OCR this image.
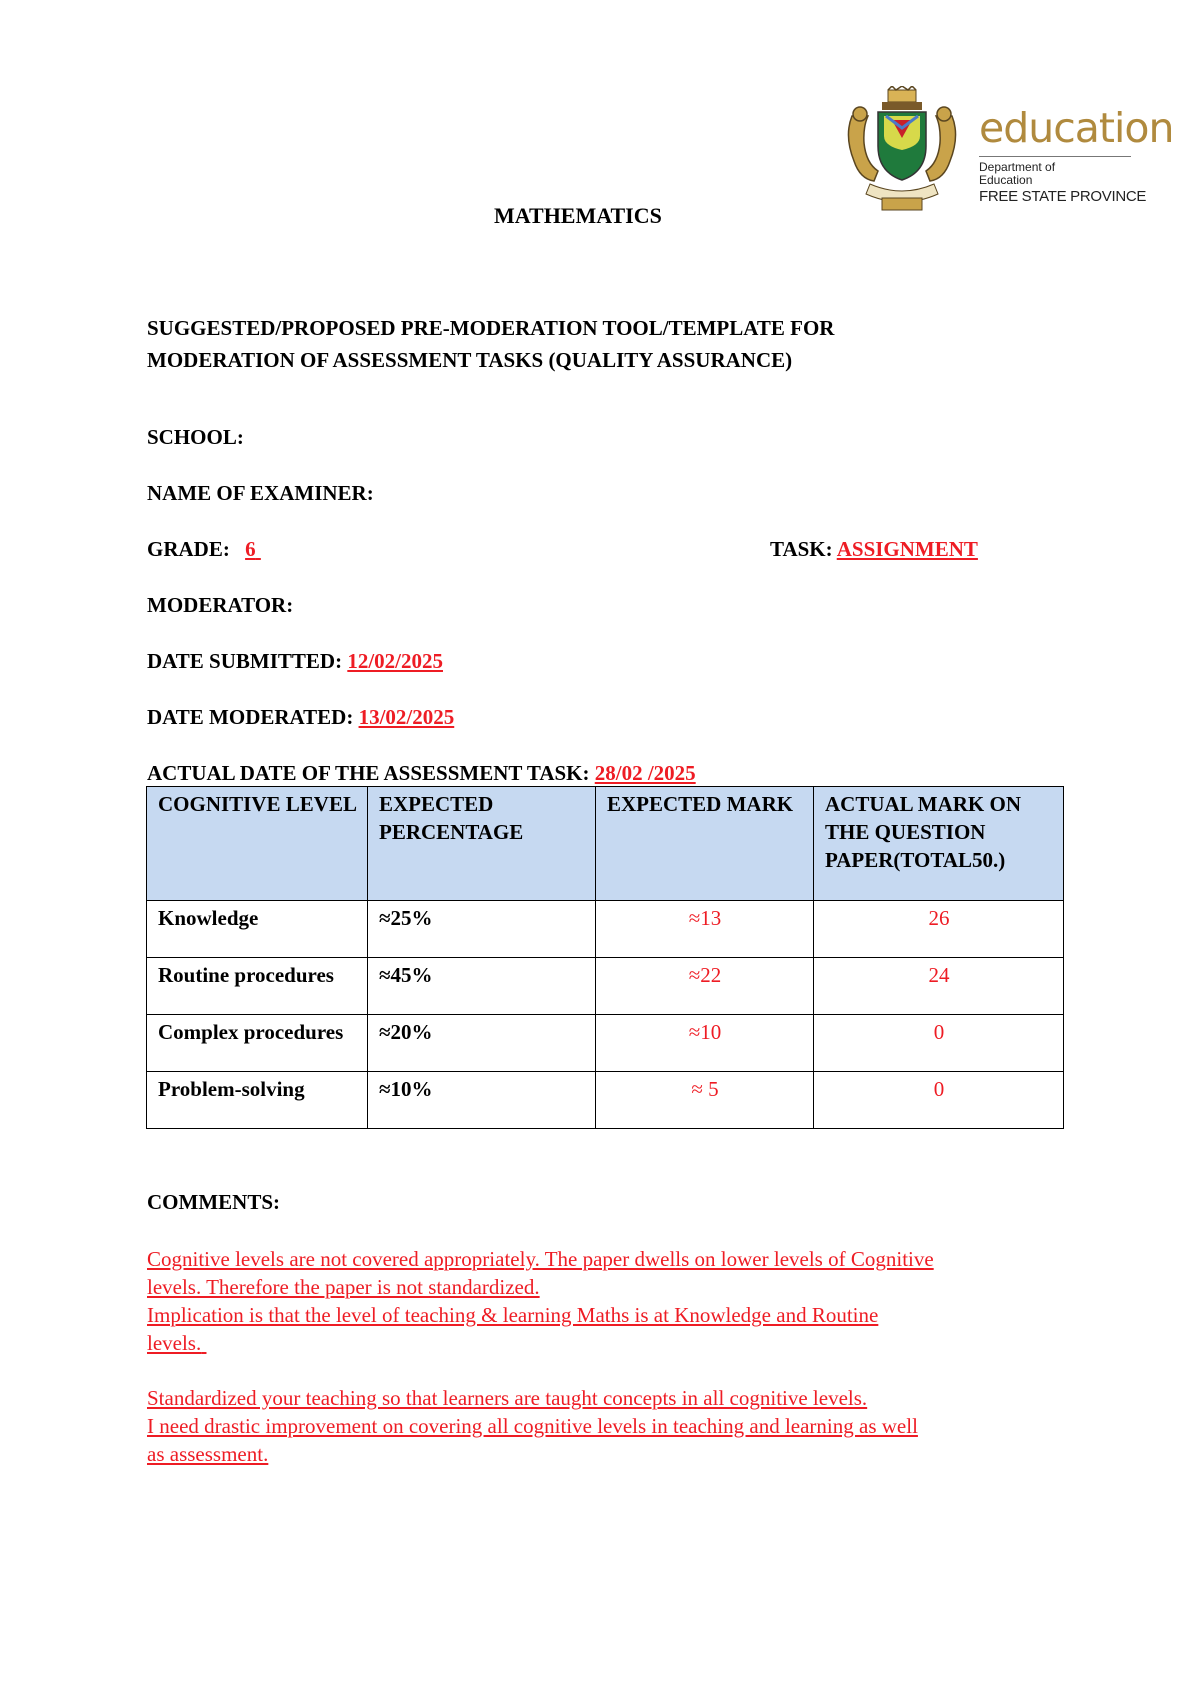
education
Department of
Education
FREE STATE PROVINCE
MATHEMATICS
SUGGESTED/PROPOSED PRE-MODERATION TOOL/TEMPLATE FOR
MODERATION OF ASSESSMENT TASKS (QUALITY ASSURANCE)
SCHOOL:
NAME OF EXAMINER:
GRADE: 6	TASK: ASSIGNMENT
MODERATOR:
DATE SUBMITTED: 12/02/2025
DATE MODERATED: 13/02/2025
ACTUAL DATE OF THE ASSESSMENT TASK: 28/02 /2025
COGNITIVE LEVEL	EXPECTED PERCENTAGE	EXPECTED MARK	ACTUAL MARK ON THE QUESTION PAPER(TOTAL50.)
Knowledge	≈25%	≈13	26
Routine procedures	≈45%	≈22	24
Complex procedures	≈20%	≈10	0
Problem-solving	≈10%	≈ 5	0
COMMENTS:
Cognitive levels are not covered appropriately. The paper dwells on lower levels of Cognitive
levels. Therefore the paper is not standardized.
Implication is that the level of teaching & learning Maths is at Knowledge and Routine
levels.
Standardized your teaching so that learners are taught concepts in all cognitive levels.
I need drastic improvement on covering all cognitive levels in teaching and learning as well
as assessment.
